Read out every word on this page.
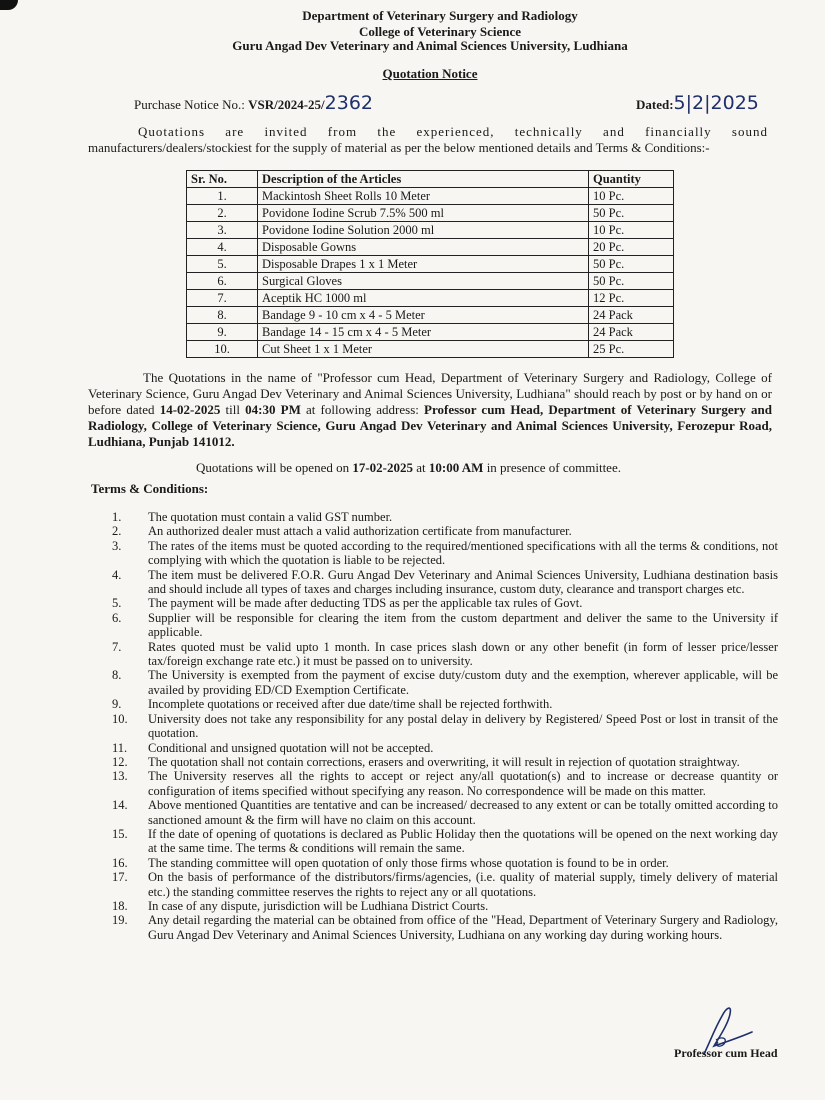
Department of Veterinary Surgery and Radiology
College of Veterinary Science
Guru Angad Dev Veterinary and Animal Sciences University, Ludhiana
Quotation Notice
Purchase Notice No.: VSR/2024-25/2362	Dated:5|2|2025
Quotations are invited from the experienced, technically and financially sound
manufacturers/dealers/stockiest for the supply of material as per the below mentioned details and Terms & Conditions:-
Sr. No.	Description of the Articles	Quantity
1.	Mackintosh Sheet Rolls 10 Meter	10 Pc.
2.	Povidone Iodine Scrub 7.5% 500 ml	50 Pc.
3.	Povidone Iodine Solution 2000 ml	10 Pc.
4.	Disposable Gowns	20 Pc.
5.	Disposable Drapes 1 x 1 Meter	50 Pc.
6.	Surgical Gloves	50 Pc.
7.	Aceptik HC 1000 ml	12 Pc.
8.	Bandage 9 - 10 cm x 4 - 5 Meter	24 Pack
9.	Bandage 14 - 15 cm x 4 - 5 Meter	24 Pack
10.	Cut Sheet 1 x 1 Meter	25 Pc.
The Quotations in the name of "Professor cum Head, Department of Veterinary Surgery and Radiology, College of Veterinary Science, Guru Angad Dev Veterinary and Animal Sciences University, Ludhiana" should reach by post or by hand on or before dated 14-02-2025 till 04:30 PM at following address: Professor cum Head, Department of Veterinary Surgery and Radiology, College of Veterinary Science, Guru Angad Dev Veterinary and Animal Sciences University, Ferozepur Road, Ludhiana, Punjab 141012.
Quotations will be opened on 17-02-2025 at 10:00 AM in presence of committee.
Terms & Conditions:
1.	The quotation must contain a valid GST number.
2.	An authorized dealer must attach a valid authorization certificate from manufacturer.
3.	The rates of the items must be quoted according to the required/mentioned specifications with all the terms & conditions, not complying with which the quotation is liable to be rejected.
4.	The item must be delivered F.O.R. Guru Angad Dev Veterinary and Animal Sciences University, Ludhiana destination basis and should include all types of taxes and charges including insurance, custom duty, clearance and transport charges etc.
5.	The payment will be made after deducting TDS as per the applicable tax rules of Govt.
6.	Supplier will be responsible for clearing the item from the custom department and deliver the same to the University if applicable.
7.	Rates quoted must be valid upto 1 month. In case prices slash down or any other benefit (in form of lesser price/lesser tax/foreign exchange rate etc.) it must be passed on to university.
8.	The University is exempted from the payment of excise duty/custom duty and the exemption, wherever applicable, will be availed by providing ED/CD Exemption Certificate.
9.	Incomplete quotations or received after due date/time shall be rejected forthwith.
10.	University does not take any responsibility for any postal delay in delivery by Registered/ Speed Post or lost in transit of the quotation.
11.	Conditional and unsigned quotation will not be accepted.
12.	The quotation shall not contain corrections, erasers and overwriting, it will result in rejection of quotation straightway.
13.	The University reserves all the rights to accept or reject any/all quotation(s) and to increase or decrease quantity or configuration of items specified without specifying any reason. No correspondence will be made on this matter.
14.	Above mentioned Quantities are tentative and can be increased/ decreased to any extent or can be totally omitted according to sanctioned amount & the firm will have no claim on this account.
15.	If the date of opening of quotations is declared as Public Holiday then the quotations will be opened on the next working day at the same time. The terms & conditions will remain the same.
16.	The standing committee will open quotation of only those firms whose quotation is found to be in order.
17.	On the basis of performance of the distributors/firms/agencies, (i.e. quality of material supply, timely delivery of material etc.) the standing committee reserves the rights to reject any or all quotations.
18.	In case of any dispute, jurisdiction will be Ludhiana District Courts.
19.	Any detail regarding the material can be obtained from office of the "Head, Department of Veterinary Surgery and Radiology, Guru Angad Dev Veterinary and Animal Sciences University, Ludhiana on any working day during working hours.
Professor cum Head
